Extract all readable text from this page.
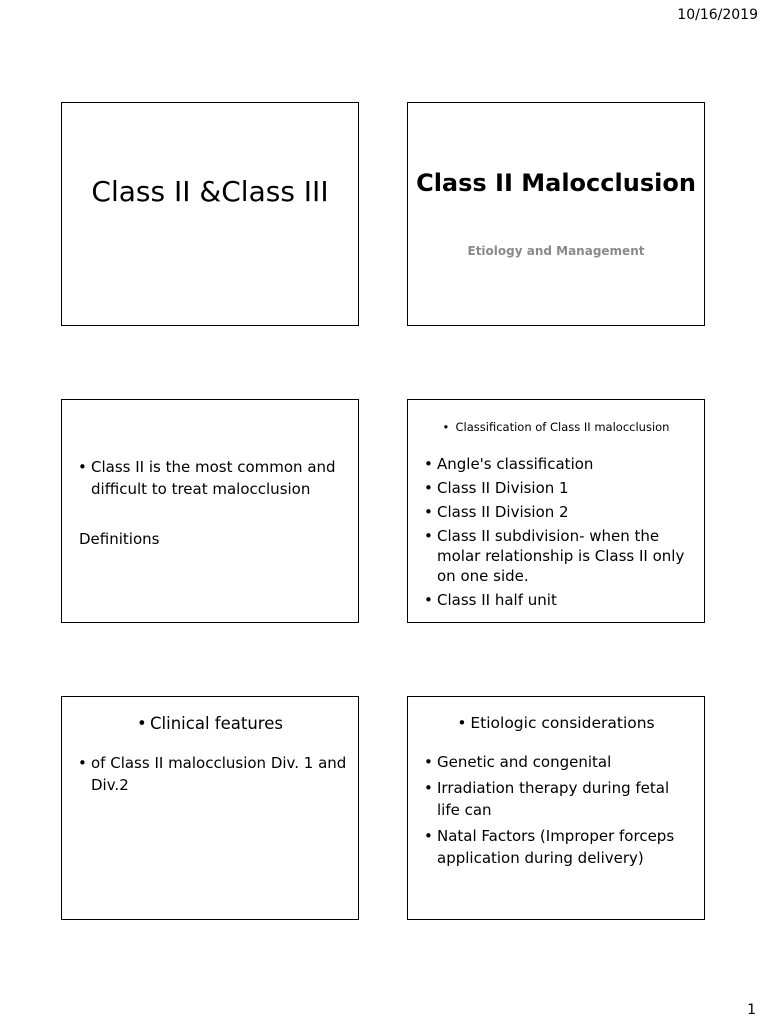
10/16/2019
Class II &Class III	Class II Malocclusion
Etiology and Management
• Class II is the most common and difficult to treat malocclusion
Definitions
• Classification of Class II malocclusion
• Angle's classification
• Class II Division 1
• Class II Division 2
• Class II subdivision- when the molar relationship is Class II only on one side.
• Class II half unit
• Clinical features
• of Class II malocclusion Div. 1 and Div.2
• Etiologic considerations
• Genetic and congenital
• Irradiation therapy during fetal life can
• Natal Factors (Improper forceps application during delivery)
1
